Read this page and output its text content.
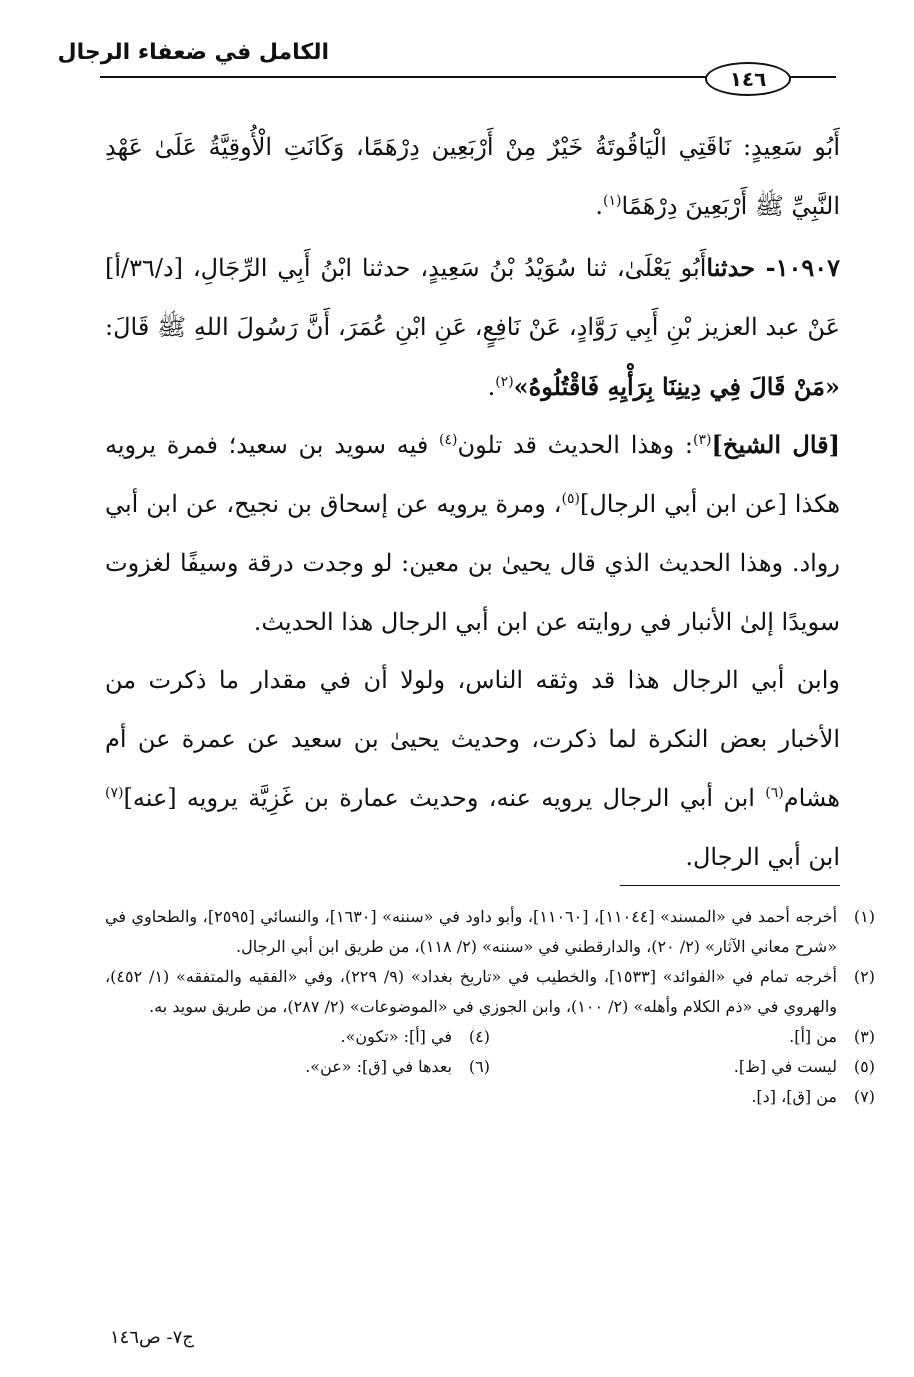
الكامل في ضعفاء الرجال
١٤٦

أَبُو سَعِيدٍ: نَاقَتِي الْيَاقُوتَةُ خَيْرٌ مِنْ أَرْبَعِين دِرْهَمًا، وَكَانَتِ الْأُوقِيَّةُ عَلَىٰ عَهْدِ النَّبِيِّ ﷺ أَرْبَعِينَ دِرْهَمًا$^{(١)}$.

١٠٩٠٧- حدثناأَبُو يَعْلَىٰ، ثنا سُوَيْدُ بْنُ سَعِيدٍ، حدثنا ابْنُ أَبِي الرِّجَالِ، [د/٣٦/أ] عَنْ عبد العزيز بْنِ أَبِي رَوَّادٍ، عَنْ نَافِعٍ، عَنِ ابْنِ عُمَرَ، أَنَّ رَسُولَ اللهِ ﷺ قَالَ: «مَنْ قَالَ فِي دِينِنَا بِرَأْيِهِ فَاقْتُلُوهُ»$^{(٢)}$.

[قال الشيخ]$^{(٣)}$: وهذا الحديث قد تلون$^{(٤)}$ فيه سويد بن سعيد؛ فمرة يرويه هكذا [عن ابن أبي الرجال]$^{(٥)}$، ومرة يرويه عن إسحاق بن نجيح، عن ابن أبي رواد. وهذا الحديث الذي قال يحيىٰ بن معين: لو وجدت درقة وسيفًا لغزوت سويدًا إلىٰ الأنبار في روايته عن ابن أبي الرجال هذا الحديث.

وابن أبي الرجال هذا قد وثقه الناس، ولولا أن في مقدار ما ذكرت من الأخبار بعض النكرة لما ذكرت، وحديث يحيىٰ بن سعيد عن عمرة عن أم هشام$^{(٦)}$ ابن أبي الرجال يرويه عنه، وحديث عمارة بن غَزِيَّة يرويه [عنه]$^{(٧)}$ ابن أبي الرجال.

(١)
أخرجه أحمد في «المسند» [١١٠٤٤]، [١١٠٦٠]، وأبو داود في «سننه» [١٦٣٠]، والنسائي [٢٥٩٥]، والطحاوي في «شرح معاني الآثار» (٢/ ٢٠)، والدارقطني في «سننه» (٢/ ١١٨)، من طريق ابن أبي الرجال.
(٢)
أخرجه تمام في «الفوائد» [١٥٣٣]، والخطيب في «تاريخ بغداد» (٩/ ٢٢٩)، وفي «الفقيه والمتفقه» (١/ ٤٥٢)، والهروي في «ذم الكلام وأهله» (٢/ ١٠٠)، وابن الجوزي في «الموضوعات» (٢/ ٢٨٧)، من طريق سويد به.
(٣)
من [أ].
(٤)
في [أ]: «تكون».
(٥)
ليست في [ظ].
(٦)
بعدها في [ق]: «عن».
(٧)
من [ق]، [د].
ج٧- ص١٤٦
